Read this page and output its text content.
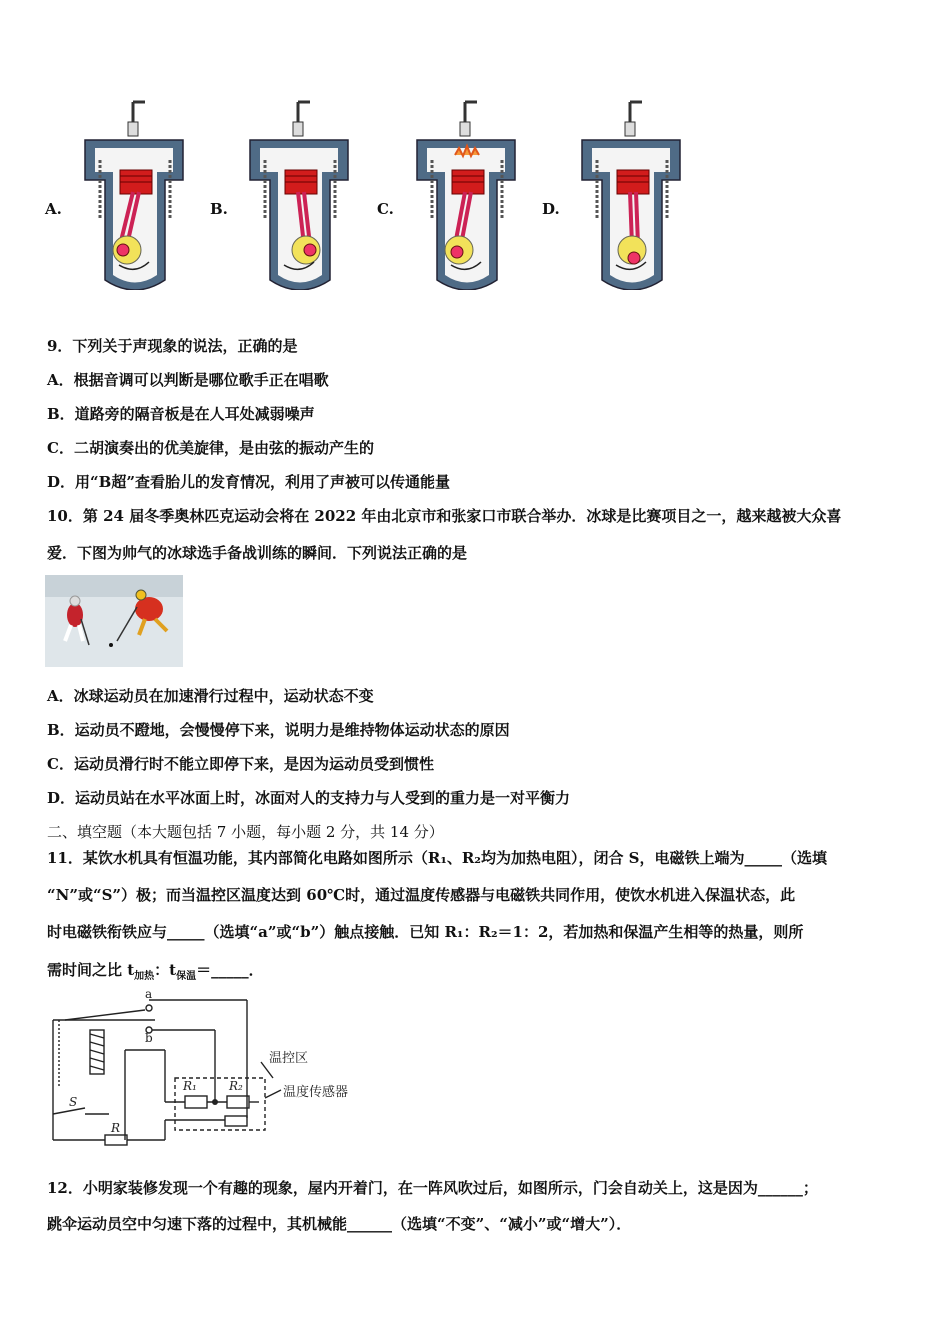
A.	B.	C.	D.
9．下列关于声现象的说法，正确的是
A．根据音调可以判断是哪位歌手正在唱歌
B．道路旁的隔音板是在人耳处减弱噪声
C．二胡演奏出的优美旋律，是由弦的振动产生的
D．用“B超”查看胎儿的发育情况，利用了声被可以传通能量
10．第 24 届冬季奥林匹克运动会将在 2022 年由北京市和张家口市联合举办．冰球是比赛项目之一，越来越被大众喜
爱．下图为帅气的冰球选手备战训练的瞬间．下列说法正确的是
A．冰球运动员在加速滑行过程中，运动状态不变
B．运动员不蹬地，会慢慢停下来，说明力是维持物体运动状态的原因
C．运动员滑行时不能立即停下来，是因为运动员受到惯性
D．运动员站在水平冰面上时，冰面对人的支持力与人受到的重力是一对平衡力
二、填空题（本大题包括 7 小题，每小题 2 分，共 14 分）
11．某饮水机具有恒温功能，其内部简化电路如图所示（R₁、R₂均为加热电阻），闭合 S，电磁铁上端为_____（选填
“N”或“S”）极；而当温控区温度达到 60℃时，通过温度传感器与电磁铁共同作用，使饮水机进入保温状态，此
时电磁铁衔铁应与_____（选填“a”或“b”）触点接触．已知 R₁：R₂＝1：2，若加热和保温产生相等的热量，则所
需时间之比 $t_{加热}$：$t_{保温}=\_\_\_\_\_$．
a
b
S
R
R₁	R₂
温控区
温度传感器
12．小明家装修发现一个有趣的现象，屋内开着门，在一阵风吹过后，如图所示，门会自动关上，这是因为______；
跳伞运动员空中匀速下落的过程中，其机械能______（选填“不变”、“减小”或“增大”）．
